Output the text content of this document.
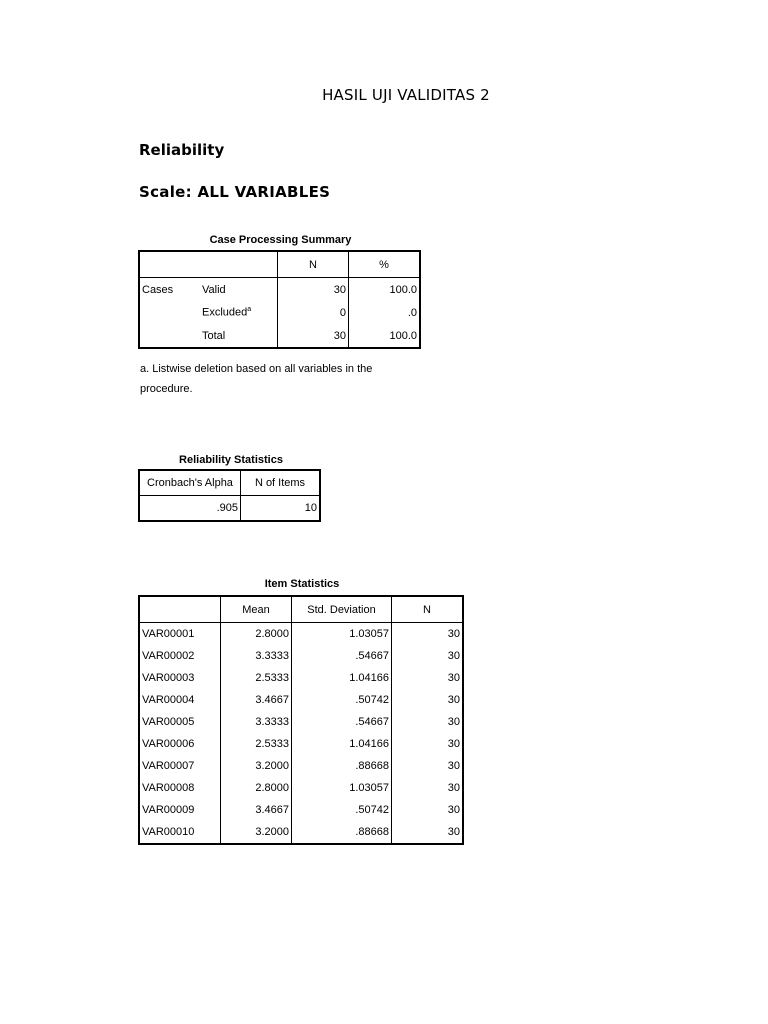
HASIL UJI VALIDITAS 2
Reliability
Scale: ALL VARIABLES
Case Processing Summary
		N	%
Cases	Valid	30	100.0
	Excluded$^a$	0	.0
	Total	30	100.0
a. Listwise deletion based on all variables in the
procedure.
Reliability Statistics
Cronbach's Alpha	N of Items
.905	10
Item Statistics
	Mean	Std. Deviation	N
VAR00001	2.8000	1.03057	30
VAR00002	3.3333	.54667	30
VAR00003	2.5333	1.04166	30
VAR00004	3.4667	.50742	30
VAR00005	3.3333	.54667	30
VAR00006	2.5333	1.04166	30
VAR00007	3.2000	.88668	30
VAR00008	2.8000	1.03057	30
VAR00009	3.4667	.50742	30
VAR00010	3.2000	.88668	30
